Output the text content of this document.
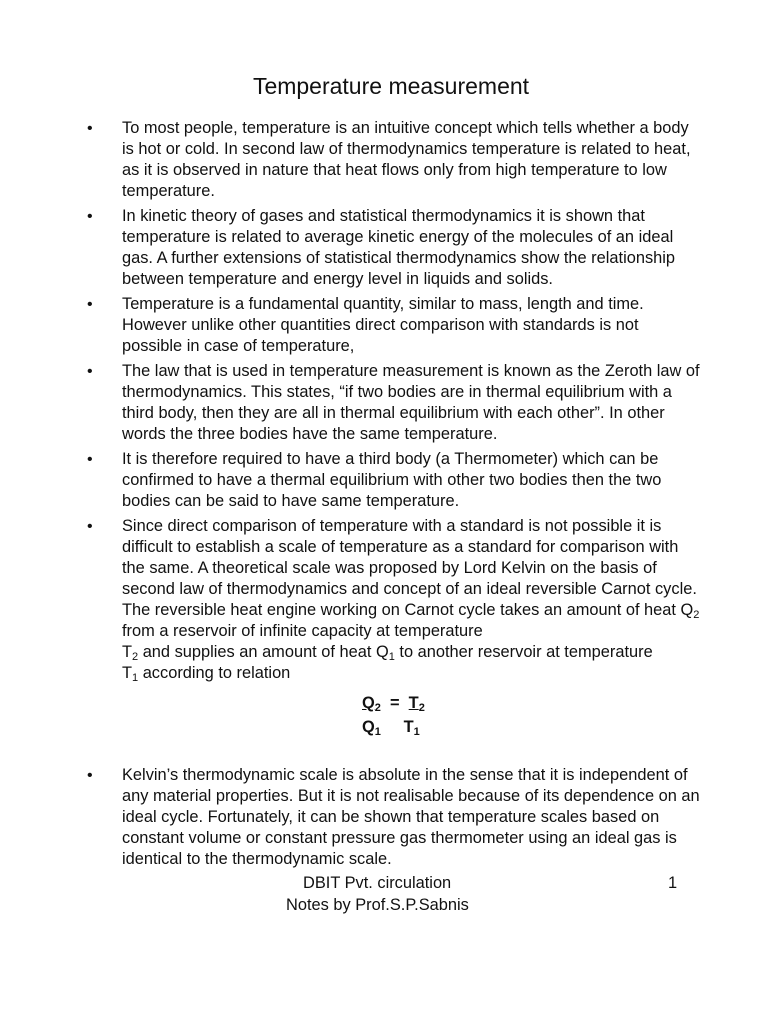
Temperature measurement
• To most people, temperature is an intuitive concept which tells whether a body is hot or cold. In second law of thermodynamics temperature is related to heat, as it is observed in nature that heat flows only from high temperature to low temperature.
• In kinetic theory of gases and statistical thermodynamics it is shown that temperature is related to average kinetic energy of the molecules of an ideal gas. A further extensions of statistical thermodynamics show the relationship between temperature and energy level in liquids and solids.
• Temperature is a fundamental quantity, similar to mass, length and time. However unlike other quantities direct comparison with standards is not possible in case of temperature,
• The law that is used in temperature measurement is known as the Zeroth law of thermodynamics. This states, “if two bodies are in thermal equilibrium with a third body, then they are all in thermal equilibrium with each other”. In other words the three bodies have the same temperature.
• It is therefore required to have a third body (a Thermometer) which can be confirmed to have a thermal equilibrium with other two bodies then the two bodies can be said to have same temperature.
• Since direct comparison of temperature with a standard is not possible it is difficult to establish a scale of temperature as a standard for comparison with the same. A theoretical scale was proposed by Lord Kelvin on the basis of second law of thermodynamics and concept of an ideal reversible Carnot cycle. The reversible heat engine working on Carnot cycle takes an amount of heat $Q_2$ from a reservoir of infinite capacity at temperature
$T_2$ and supplies an amount of heat $Q_1$ to another reservoir at temperature
$T_1$ according to relation
$Q_2 = T_2$
$Q_1$ $T_1$
• Kelvin’s thermodynamic scale is absolute in the sense that it is independent of any material properties. But it is not realisable because of its dependence on an ideal cycle. Fortunately, it can be shown that temperature scales based on constant volume or constant pressure gas thermometer using an ideal gas is identical to the thermodynamic scale.
DBIT Pvt. circulation	1
Notes by Prof.S.P.Sabnis
